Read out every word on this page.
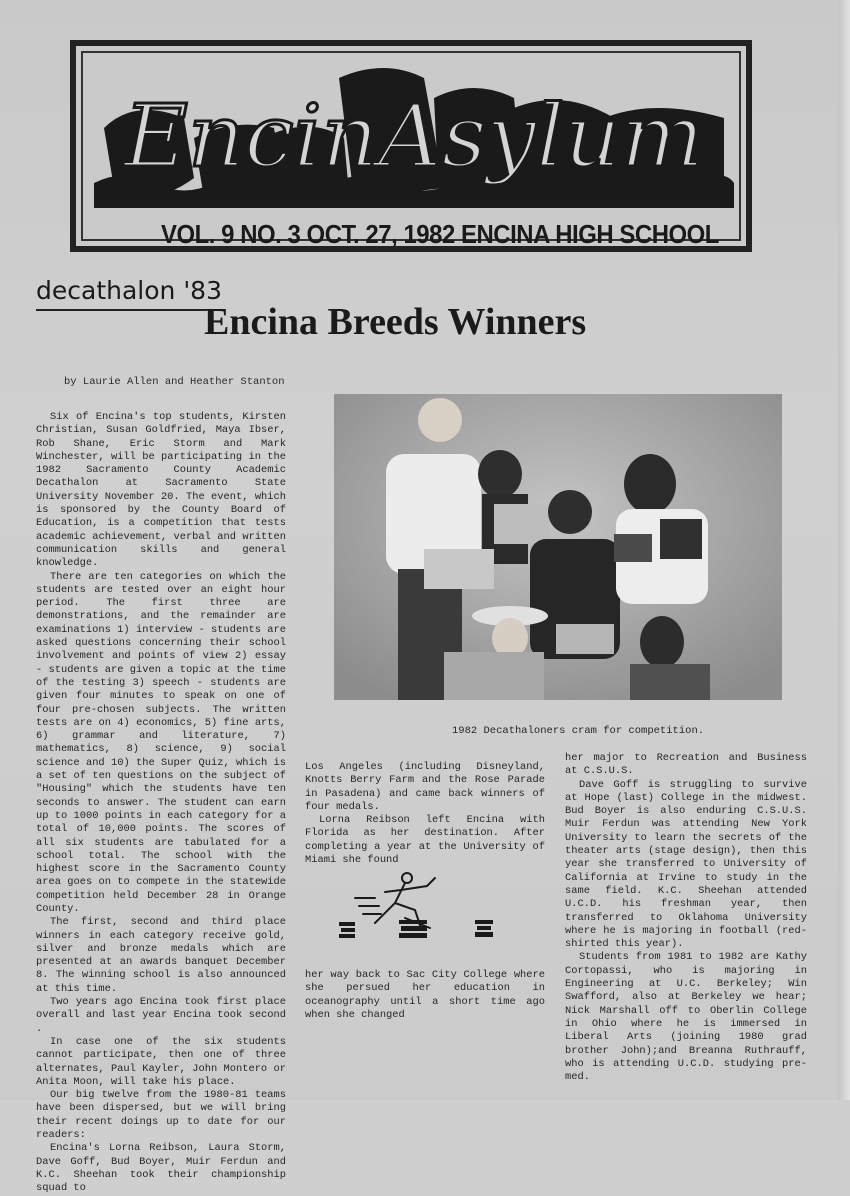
EncinAsylum
VOL. 9 NO. 3 OCT. 27, 1982 ENCINA HIGH SCHOOL
decathalon '83
Encina Breeds Winners
by Laurie Allen and Heather Stanton

Six of Encina's top students, Kirsten Christian, Susan Goldfried, Maya Ibser, Rob Shane, Eric Storm and Mark Winchester, will be participating in the 1982 Sacramento County Academic Decathalon at Sacramento State University November 20. The event, which is sponsored by the County Board of Education, is a competition that tests academic achievement, verbal and written communication skills and general knowledge.

There are ten categories on which the students are tested over an eight hour period. The first three are demonstrations, and the remainder are examinations 1) interview - students are asked questions concerning their school involvement and points of view 2) essay - students are given a topic at the time of the testing 3) speech - students are given four minutes to speak on one of four pre-chosen subjects. The written tests are on 4) economics, 5) fine arts, 6) grammar and literature, 7) mathematics, 8) science, 9) social science and 10) the Super Quiz, which is a set of ten questions on the subject of "Housing" which the students have ten seconds to answer. The student can earn up to 1000 points in each category for a total of 10,000 points. The scores of all six students are tabulated for a school total. The school with the highest score in the Sacramento County area goes on to compete in the statewide competition held December 28 in Orange County.

The first, second and third place winners in each category receive gold, silver and bronze medals which are presented at an awards banquet December 8. The winning school is also announced at this time.

Two years ago Encina took first place overall and last year Encina took second .

In case one of the six students cannot participate, then one of three alternates, Paul Kayler, John Montero or Anita Moon, will take his place.

Our big twelve from the 1980-81 teams have been dispersed, but we will bring their recent doings up to date for our readers:

Encina's Lorna Reibson, Laura Storm, Dave Goff, Bud Boyer, Muir Ferdun and K.C. Sheehan took their championship squad to

1982 Decathaloners cram for competition.

Los Angeles (including Disneyland, Knotts Berry Farm and the Rose Parade in Pasadena) and came back winners of four medals.

Lorna Reibson left Encina with Florida as her destination. After completing a year at the University of Miami she found

her way back to Sac City College where she persued her education in oceanography until a short time ago when she changed

her major to Recreation and Business at C.S.U.S.

Dave Goff is struggling to survive at Hope (last) College in the midwest. Bud Boyer is also enduring C.S.U.S. Muir Ferdun was attending New York University to learn the secrets of the theater arts (stage design), then this year she transferred to University of California at Irvine to study in the same field. K.C. Sheehan attended U.C.D. his freshman year, then transferred to Oklahoma University where he is majoring in football (red-shirted this year).

Students from 1981 to 1982 are Kathy Cortopassi, who is majoring in Engineering at U.C. Berkeley; Win Swafford, also at Berkeley we hear; Nick Marshall off to Oberlin College in Ohio where he is immersed in Liberal Arts (joining 1980 grad brother John);and Breanna Ruthrauff, who is attending U.C.D. studying pre-med.
